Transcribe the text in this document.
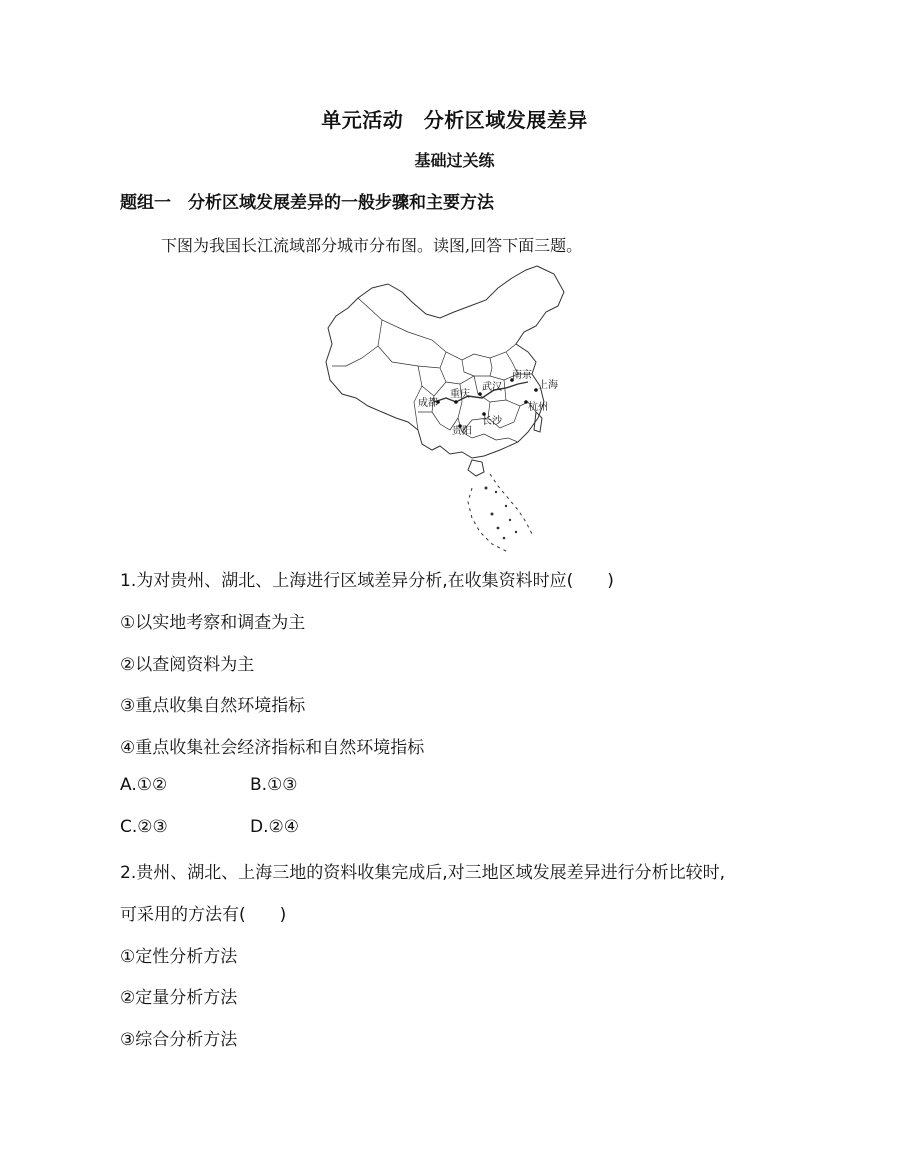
单元活动　分析区域发展差异
基础过关练
题组一　分析区域发展差异的一般步骤和主要方法
下图为我国长江流域部分城市分布图。读图,回答下面三题。
成都
重庆
武汉
南京
上海
杭州
长沙
贵阳
1.为对贵州、湖北、上海进行区域差异分析,在收集资料时应(　　)
①以实地考察和调查为主
②以查阅资料为主
③重点收集自然环境指标
④重点收集社会经济指标和自然环境指标
A.①②	B.①③
C.②③	D.②④
2.贵州、湖北、上海三地的资料收集完成后,对三地区域发展差异进行分析比较时,
可采用的方法有(　　)
①定性分析方法
②定量分析方法
③综合分析方法
